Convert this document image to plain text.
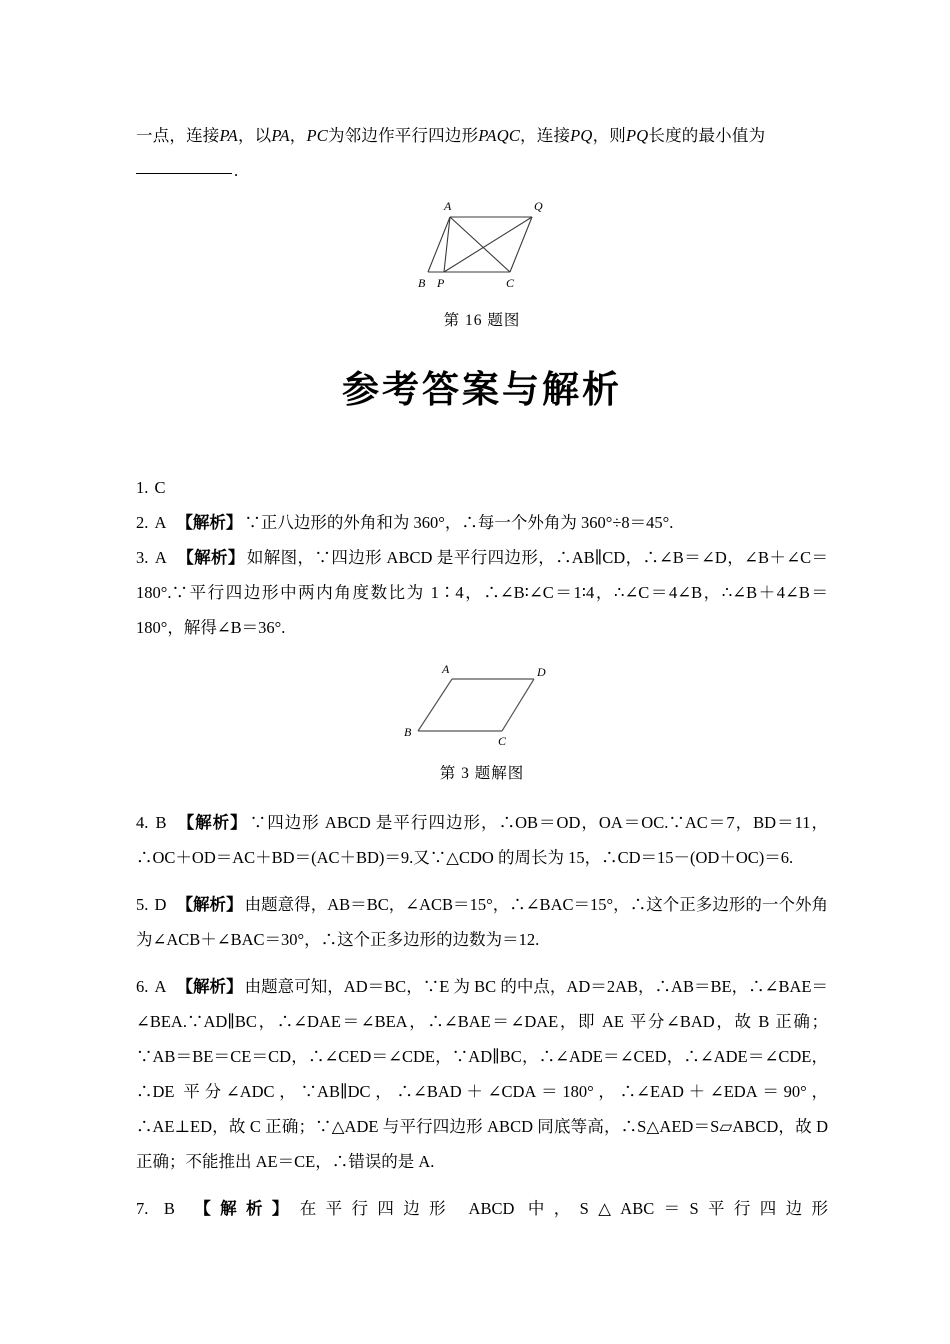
一点，连接PA，以PA，PC为邻边作平行四边形PAQC，连接PQ，则PQ长度的最小值为

.

A	Q
B P	C
第 16 题图
参考答案与解析

1. C

2. A 【解析】 ∵正八边形的外角和为 360°，∴每一个外角为 360°÷8＝45°.

3. A 【解析】 如解图，∵四边形 ABCD 是平行四边形，∴AB∥CD，∴∠B＝∠D，∠B＋∠C＝180°.∵平行四边形中两内角度数比为 1∶4，∴∠B∶∠C＝1∶4，∴∠C＝4∠B，∴∠B＋4∠B＝180°，解得∠B＝36°.

A	D
B
C
第 3 题解图

4. B 【解析】 ∵四边形 ABCD 是平行四边形，∴OB＝OD，OA＝OC.∵AC＝7，BD＝11，∴OC＋OD＝AC＋BD＝(AC＋BD)＝9.又∵△CDO 的周长为 15，∴CD＝15－(OD＋OC)＝6.

5. D 【解析】 由题意得，AB＝BC，∠ACB＝15°，∴∠BAC＝15°，∴这个正多边形的一个外角为∠ACB＋∠BAC＝30°，∴这个正多边形的边数为＝12.

6. A 【解析】 由题意可知，AD＝BC，∵E 为 BC 的中点，AD＝2AB，∴AB＝BE，∴∠BAE＝∠BEA.∵AD∥BC，∴∠DAE＝∠BEA，∴∠BAE＝∠DAE，即 AE 平分∠BAD，故 B 正确；∵AB＝BE＝CE＝CD，∴∠CED＝∠CDE，∵AD∥BC，∴∠ADE＝∠CED，∴∠ADE＝∠CDE，∴DE 平分∠ADC，∵AB∥DC，∴∠BAD＋∠CDA＝180°，∴∠EAD＋∠EDA＝90°，∴AE⊥ED，故 C 正确；∵△ADE 与平行四边形 ABCD 同底等高，∴S△AED＝S▱ABCD，故 D 正确；不能推出 AE＝CE，∴错误的是 A.

7. B 【解析】 在平行四边形 ABCD 中，S△ABC＝S平行四边形
